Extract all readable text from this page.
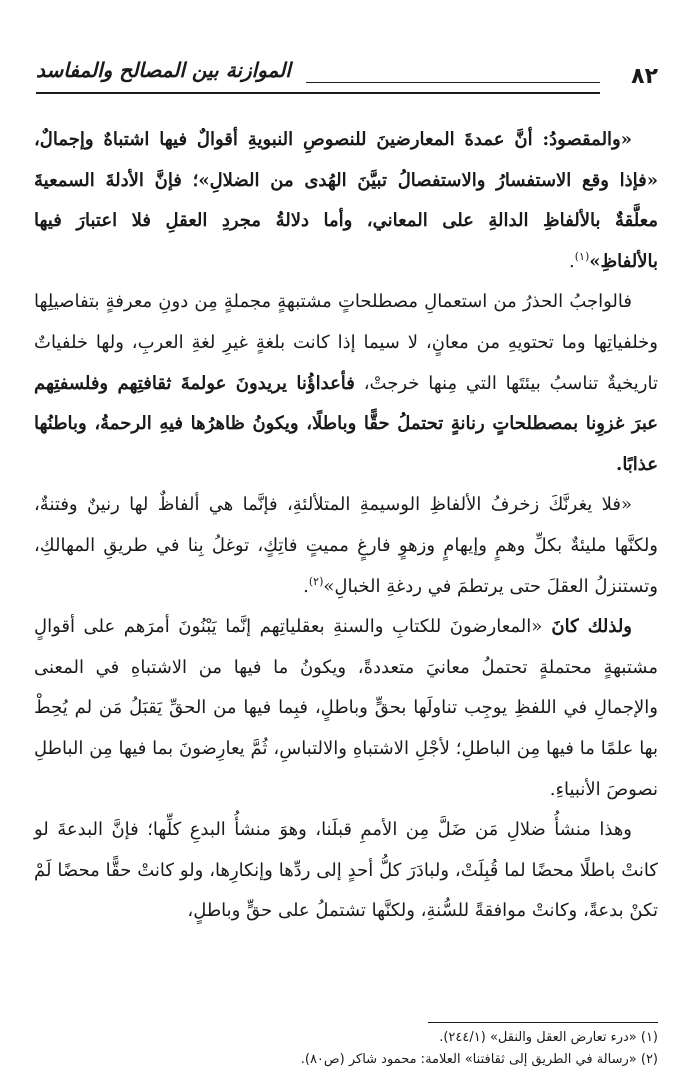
٨٢
الموازنة بين المصالح والمفاسد

«والمقصودُ: أنَّ عمدةَ المعارضينَ للنصوصِ النبويةِ أقوالٌ فيها اشتباهٌ وإجمالٌ، «فإذا وقع الاستفسارُ والاستفصالُ تبيَّنَ الهُدى من الضلالِ»؛ فإنَّ الأدلةَ السمعيةَ معلَّقةٌ بالألفاظِ الدالةِ على المعاني، وأما دلالةُ مجردِ العقلِ فلا اعتبارَ فيها بالألفاظِ»$^{(١)}$.

فالواجبُ الحذرُ من استعمالِ مصطلحاتٍ مشتبهةٍ مجملةٍ مِن دونِ معرفةٍ بتفاصيلِها وخلفياتِها وما تحتويهِ من معانٍ، لا سيما إذا كانت بلغةٍ غيرِ لغةِ العربِ، ولها خلفياتٌ تاريخيةٌ تناسبُ بيئتَها التي مِنها خرجتْ، فأعداؤُنا يريدونَ عولمةَ ثقافتِهم وفلسفتِهم عبرَ غزوِنا بمصطلحاتٍ رنانةٍ تحتملُ حقًّا وباطلًا، ويكونُ ظاهرُها فيهِ الرحمةُ، وباطنُها عذابًا.

«فلا يغرنَّكَ زخرفُ الألفاظِ الوسيمةِ المتلألئةِ، فإنَّما هي ألفاظٌ لها رنينٌ وفتنةٌ، ولكنَّها مليئةٌ بكلِّ وهمٍ وإيهامٍ وزهوٍ فارغٍ مميتٍ فاتِكٍ، توغلُ بِنا في طريقِ المهالكِ، وتستنزلُ العقلَ حتى يرتطمَ في ردغةِ الخبالِ»$^{(٢)}$.

ولذلك كانَ «المعارضونَ للكتابِ والسنةِ بعقلياتِهم إنَّما يَبْنُونَ أمرَهم على أقوالٍ مشتبهةٍ محتملةٍ تحتملُ معانيَ متعددةً، ويكونُ ما فيها من الاشتباهِ في المعنى والإجمالِ في اللفظِ يوجِب تناولَها بحقٍّ وباطلٍ، فبِما فيها من الحقِّ يَقبَلُ مَن لم يُحِطْ بها علمًا ما فيها مِن الباطلِ؛ لأجْلِ الاشتباهِ والالتباسِ، ثُمَّ يعارِضونَ بما فيها مِن الباطلِ نصوصَ الأنبياءِ.

وهذا منشأُ ضلالِ مَن ضَلَّ مِن الأممِ قبلَنا، وهوَ منشأُ البدعِ كلِّها؛ فإنَّ البدعةَ لو كانتْ باطلًا محضًا لما قُبِلَتْ، ولبادَرَ كلُّ أحدٍ إلى ردِّها وإنكارِها، ولو كانتْ حقًّا محضًا لَمْ تكنْ بدعةً، وكانتْ موافقةً للسُّنةِ، ولكنَّها تشتملُ على حقٍّ وباطلٍ،

(١) «درء تعارض العقل والنقل» (٢٤٤/١).
(٢) «رسالة في الطريق إلى ثقافتنا» العلامة: محمود شاكر (ص٨٠).
